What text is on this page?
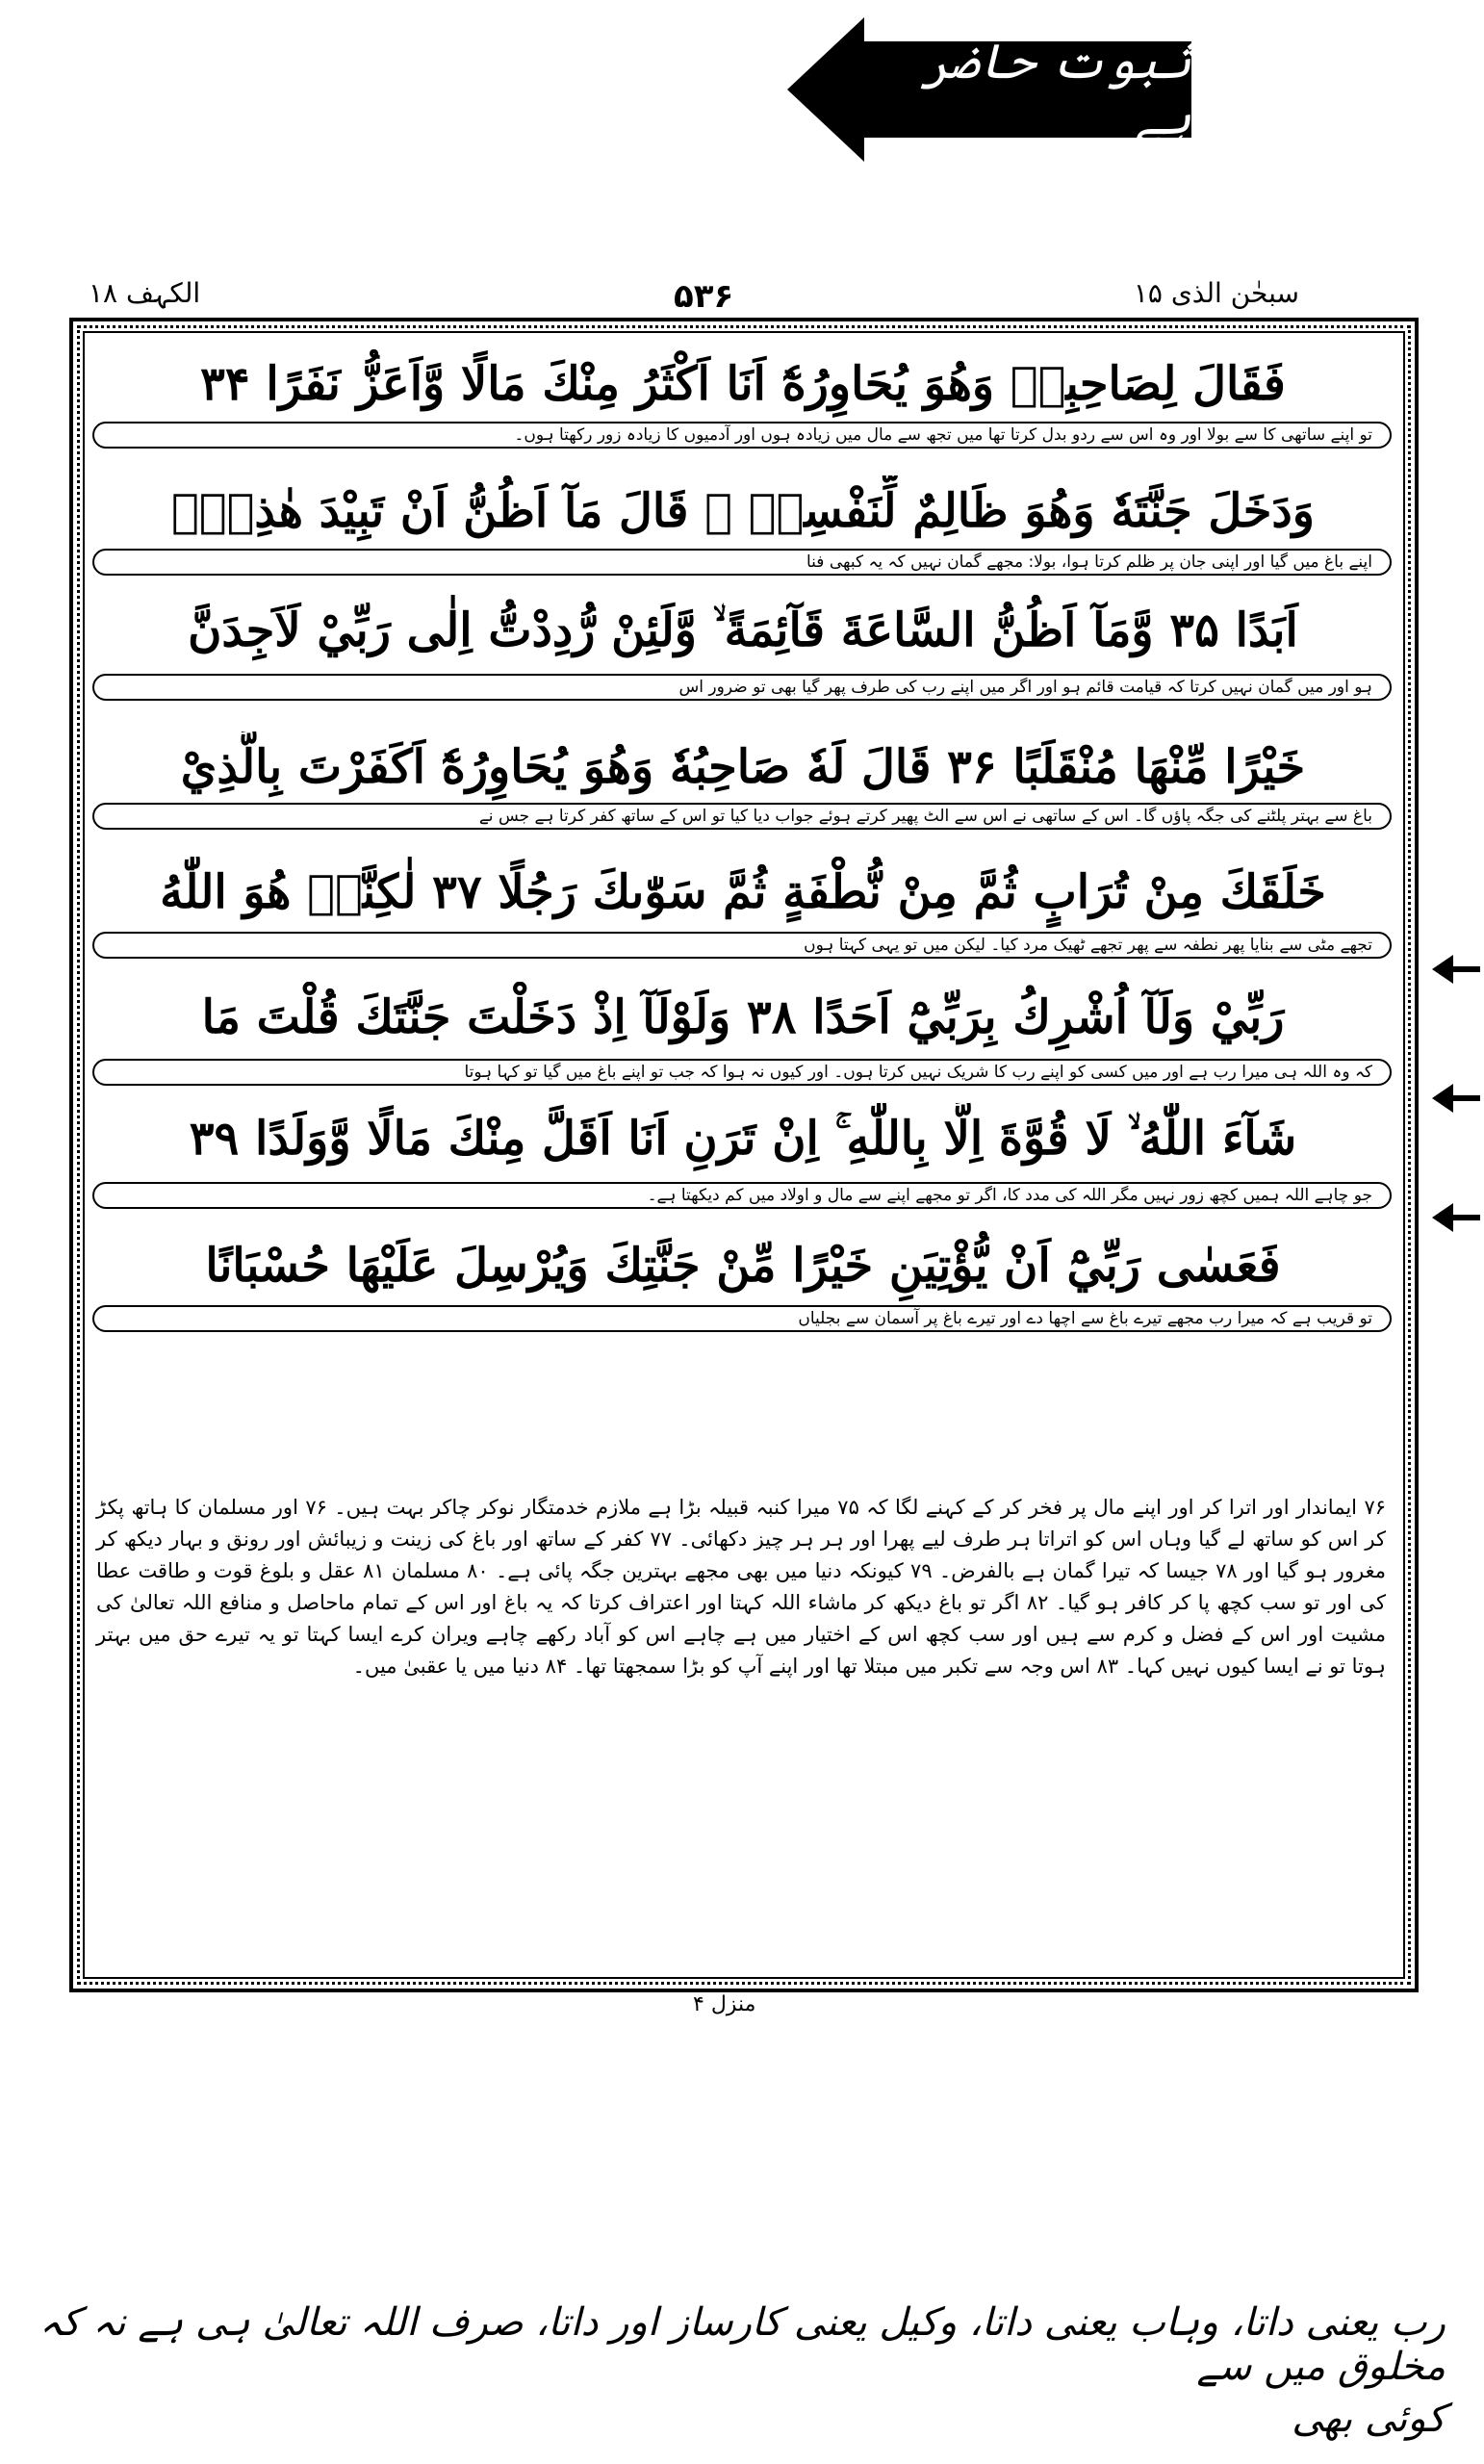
ثبوت حاضر ہے
سبحٰن الذی ۱۵
۵۳۶
الکہف ۱۸
فَقَالَ لِصَاحِبِهٖ وَهُوَ يُحَاوِرُهٗٓ اَنَا اَكْثَرُ مِنْكَ مَالًا وَّاَعَزُّ نَفَرًا ۳۴
تو اپنے ساتھی کا سے بولا اور وہ اس سے ردو بدل کرتا تھا میں تجھ سے مال میں زیادہ ہوں اور آدمیوں کا زیادہ زور رکھتا ہوں۔
وَدَخَلَ جَنَّتَهٗ وَهُوَ ظَالِمٌ لِّنَفْسِهٖ ۚ قَالَ مَآ اَظُنُّ اَنْ تَبِيْدَ هٰذِهٖٓ
اپنے باغ میں گیا اور اپنی جان پر ظلم کرتا ہوا، بولا: مجھے گمان نہیں کہ یہ کبھی فنا
اَبَدًا ۳۵ وَّمَآ اَظُنُّ السَّاعَةَ قَآئِمَةً ۙ وَّلَئِنْ رُّدِدْتُّ اِلٰى رَبِّيْ لَاَجِدَنَّ
ہو اور میں گمان نہیں کرتا کہ قیامت قائم ہو اور اگر میں اپنے رب کی طرف پھر گیا بھی تو ضرور اس
خَيْرًا مِّنْهَا مُنْقَلَبًا ۳۶ قَالَ لَهٗ صَاحِبُهٗ وَهُوَ يُحَاوِرُهٗٓ اَكَفَرْتَ بِالَّذِيْ
باغ سے بہتر پلٹنے کی جگہ پاؤں گا۔ اس کے ساتھی نے اس سے الٹ پھیر کرتے ہوئے جواب دیا کیا تو اس کے ساتھ کفر کرتا ہے جس نے
خَلَقَكَ مِنْ تُرَابٍ ثُمَّ مِنْ نُّطْفَةٍ ثُمَّ سَوّٰىكَ رَجُلًا ۳۷ لٰكِنَّا۟ هُوَ اللّٰهُ
تجھے مٹی سے بنایا پھر نطفہ سے پھر تجھے ٹھیک مرد کیا۔ لیکن میں تو یہی کہتا ہوں
رَبِّيْ وَلَآ اُشْرِكُ بِرَبِّيْٓ اَحَدًا ۳۸ وَلَوْلَآ اِذْ دَخَلْتَ جَنَّتَكَ قُلْتَ مَا
کہ وہ اللہ ہی میرا رب ہے اور میں کسی کو اپنے رب کا شریک نہیں کرتا ہوں۔ اور کیوں نہ ہوا کہ جب تو اپنے باغ میں گیا تو کہا ہوتا
شَآءَ اللّٰهُ ۙ لَا قُوَّةَ اِلَّا بِاللّٰهِ ۚ اِنْ تَرَنِ اَنَا اَقَلَّ مِنْكَ مَالًا وَّوَلَدًا ۳۹
جو چاہے اللہ ہمیں کچھ زور نہیں مگر اللہ کی مدد کا، اگر تو مجھے اپنے سے مال و اولاد میں کم دیکھتا ہے۔
فَعَسٰى رَبِّيْٓ اَنْ يُّؤْتِيَنِ خَيْرًا مِّنْ جَنَّتِكَ وَيُرْسِلَ عَلَيْهَا حُسْبَانًا
تو قریب ہے کہ میرا رب مجھے تیرے باغ سے اچھا دے اور تیرے باغ پر آسمان سے بجلیاں

۷۶ ایماندار اور اترا کر اور اپنے مال پر فخر کر کے کہنے لگا کہ ۷۵ میرا کنبہ قبیلہ بڑا ہے ملازم خدمتگار نوکر چاکر بہت ہیں۔ ۷۶ اور مسلمان کا ہاتھ پکڑ کر اس کو ساتھ لے گیا وہاں اس کو اتراتا ہر طرف لیے پھرا اور ہر ہر چیز دکھائی۔ ۷۷ کفر کے ساتھ اور باغ کی زینت و زیبائش اور رونق و بہار دیکھ کر مغرور ہو گیا اور ۷۸ جیسا کہ تیرا گمان ہے بالفرض۔ ۷۹ کیونکہ دنیا میں بھی مجھے بہترین جگہ پائی ہے۔ ۸۰ مسلمان ۸۱ عقل و بلوغ قوت و طاقت عطا کی اور تو سب کچھ پا کر کافر ہو گیا۔ ۸۲ اگر تو باغ دیکھ کر ماشاء اللہ کہتا اور اعتراف کرتا کہ یہ باغ اور اس کے تمام ماحاصل و منافع اللہ تعالیٰ کی مشیت اور اس کے فضل و کرم سے ہیں اور سب کچھ اس کے اختیار میں ہے چاہے اس کو آباد رکھے چاہے ویران کرے ایسا کہتا تو یہ تیرے حق میں بہتر ہوتا تو نے ایسا کیوں نہیں کہا۔ ۸۳ اس وجہ سے تکبر میں مبتلا تھا اور اپنے آپ کو بڑا سمجھتا تھا۔ ۸۴ دنیا میں یا عقبیٰ میں۔

منزل ۴
رب یعنی داتا، وہاب یعنی داتا، وکیل یعنی کارساز اور داتا، صرف اللہ تعالیٰ ہی ہے نہ کہ مخلوق میں سے
کوئی بھی
